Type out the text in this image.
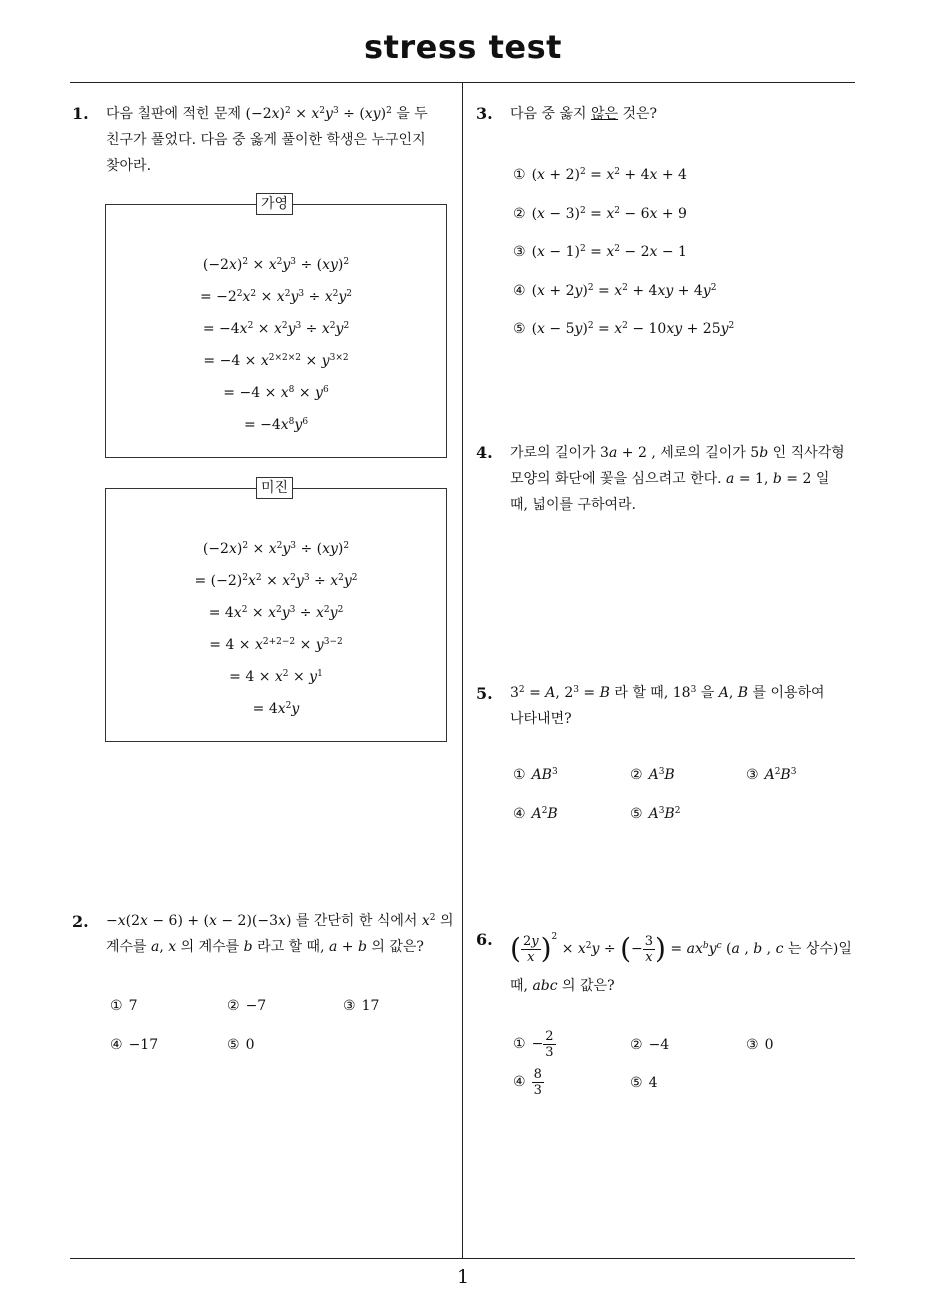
stress test
1
1. 다음 칠판에 적힌 문제 $(-2x)^2 \times x^2y^3 \div (xy)^2$ 을 두
친구가 풀었다. 다음 중 옳게 풀이한 학생은 누구인지
찾아라.
$(-2x)^2 \times x^2y^3 \div (xy)^2$
= $-2^2x^2 \times x^2y^3 \div x^2y^2$
= $-4x^2 \times x^2y^3 \div x^2y^2$
= $-4 \times x^{2\times 2\times 2} \times y^{3\times 2}$
= $-4 \times x^8 \times y^6$
= $-4x^8y^6$
가영
$(-2x)^2 \times x^2y^3 \div (xy)^2$
= $(-2)^2x^2 \times x^2y^3 \div x^2y^2$
= $4x^2 \times x^2y^3 \div x^2y^2$
= $4 \times x^{2+2-2} \times y^{3-2}$
= $4 \times x^2 \times y^1$
= $4x^2y$
미진
2. −x(2x − 6) + (x − 2)(−3x) 를 간단히 한 식에서 $x^2$ 의
계수를 a, x 의 계수를 b 라고 할 때, a + b 의 값은?
① 7	② −7	③ 17
④ −17	⑤ 0
3. 다음 중 옳지 않은 것은?
① $(x + 2)^2 = x^2 + 4x + 4$
② $(x - 3)^2 = x^2 - 6x + 9$
③ $(x - 1)^2 = x^2 - 2x - 1$
④ $(x + 2y)^2 = x^2 + 4xy + 4y^2$
⑤ $(x - 5y)^2 = x^2 - 10xy + 25y^2$
4. 가로의 길이가 3a + 2 , 세로의 길이가 5b 인 직사각형
모양의 화단에 꽃을 심으려고 한다. a = 1, b = 2 일
때, 넓이를 구하여라.
5. $3^2 = A$, $2^3 = B$ 라 할 때, $18^3$ 을 A, B 를 이용하여
나타내면?
① $AB^3$	② $A^3B$	③ $A^2B^3$
④ $A^2B$	⑤ $A^3B^2$
6. ( $\frac{2y}{x} )^2 \times x^2y$ ÷ (− $\frac{3}{x}$ ) = $ax^by^c$ (a , b , c 는 상수)일
때, abc 의 값은?
① − $\frac{2}{3}$	② −4	③ 0
④ $\frac{8}{3}$	⑤ 4
